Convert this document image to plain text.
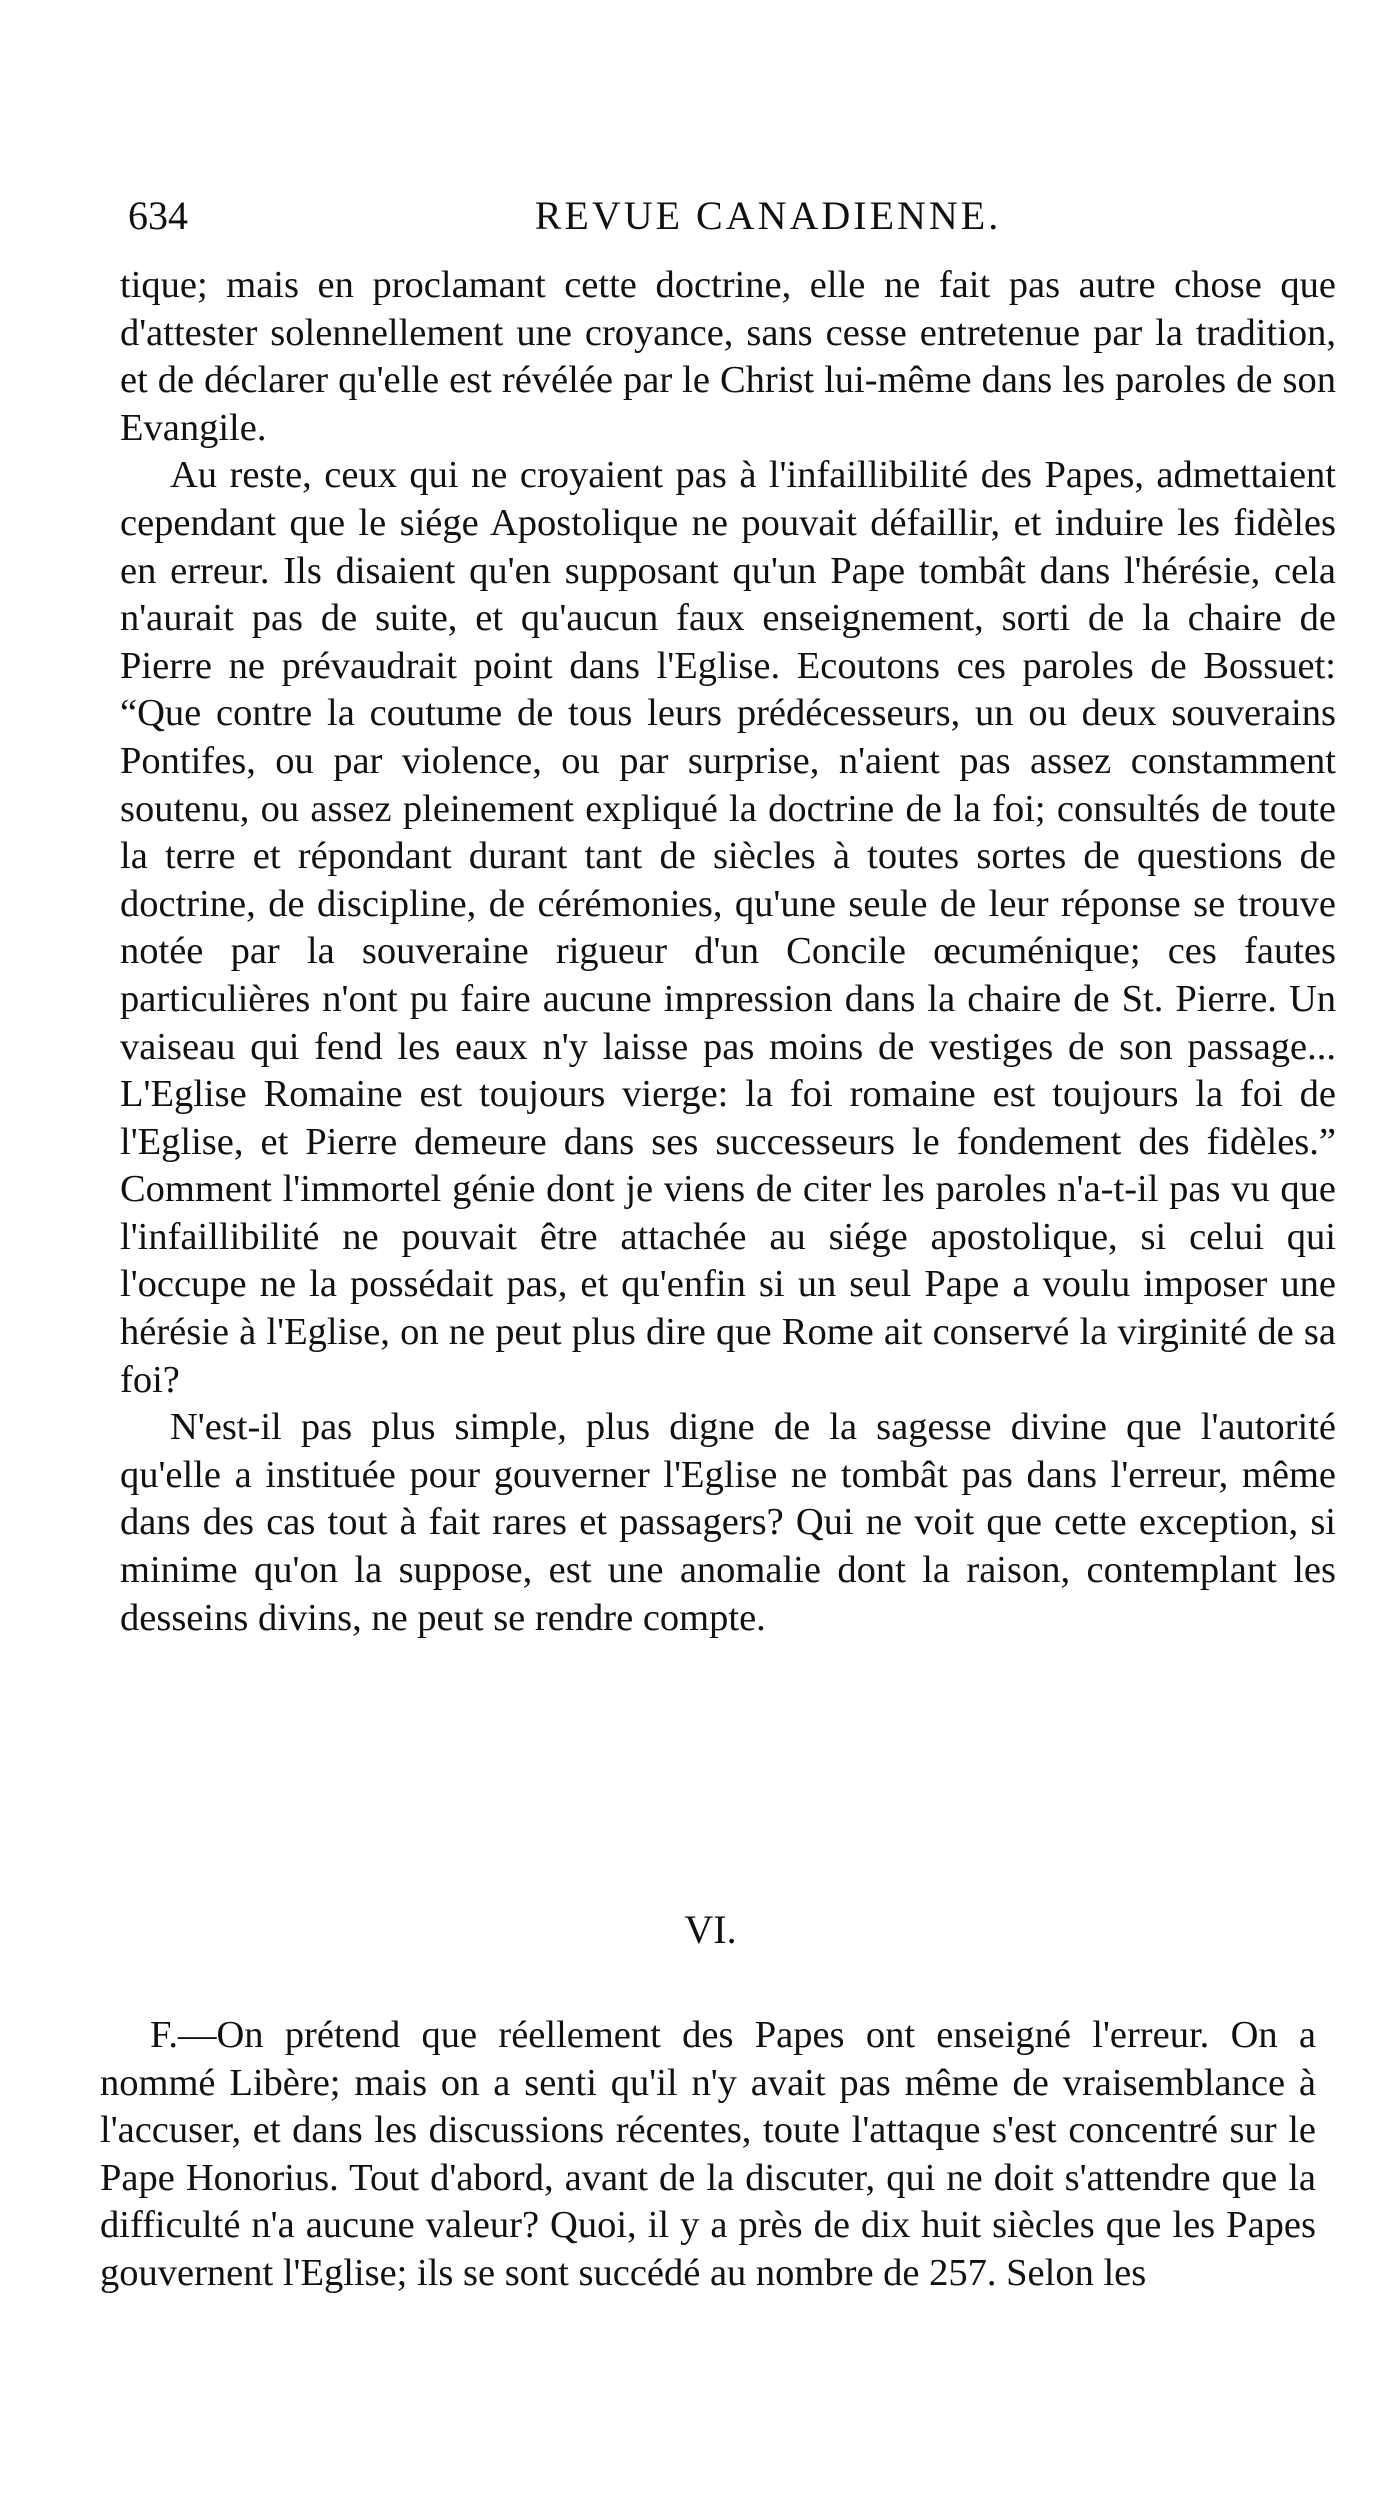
634	REVUE CANADIENNE.

tique; mais en proclamant cette doctrine, elle ne fait pas autre chose que d'attester solennellement une croyance, sans cesse entretenue par la tradition, et de déclarer qu'elle est révélée par le Christ lui-même dans les paroles de son Evangile.

Au reste, ceux qui ne croyaient pas à l'infaillibilité des Papes, admettaient cependant que le siége Apostolique ne pouvait défaillir, et induire les fidèles en erreur. Ils disaient qu'en supposant qu'un Pape tombât dans l'hérésie, cela n'aurait pas de suite, et qu'aucun faux enseignement, sorti de la chaire de Pierre ne prévaudrait point dans l'Eglise. Ecoutons ces paroles de Bossuet: “Que contre la coutume de tous leurs prédécesseurs, un ou deux souverains Pontifes, ou par violence, ou par surprise, n'aient pas assez constamment soutenu, ou assez pleinement expliqué la doctrine de la foi; consultés de toute la terre et répondant durant tant de siècles à toutes sortes de questions de doctrine, de discipline, de cérémonies, qu'une seule de leur réponse se trouve notée par la souveraine rigueur d'un Concile œcuménique; ces fautes particulières n'ont pu faire aucune impression dans la chaire de St. Pierre. Un vaiseau qui fend les eaux n'y laisse pas moins de vestiges de son passage... L'Eglise Romaine est toujours vierge: la foi romaine est toujours la foi de l'Eglise, et Pierre demeure dans ses successeurs le fondement des fidèles.” Comment l'immortel génie dont je viens de citer les paroles n'a-t-il pas vu que l'infaillibilité ne pouvait être attachée au siége apostolique, si celui qui l'occupe ne la possédait pas, et qu'enfin si un seul Pape a voulu imposer une hérésie à l'Eglise, on ne peut plus dire que Rome ait conservé la virginité de sa foi?

N'est-il pas plus simple, plus digne de la sagesse divine que l'autorité qu'elle a instituée pour gouverner l'Eglise ne tombât pas dans l'erreur, même dans des cas tout à fait rares et passagers? Qui ne voit que cette exception, si minime qu'on la suppose, est une anomalie dont la raison, contemplant les desseins divins, ne peut se rendre compte.

VI.

F.—On prétend que réellement des Papes ont enseigné l'erreur. On a nommé Libère; mais on a senti qu'il n'y avait pas même de vraisemblance à l'accuser, et dans les discussions récentes, toute l'attaque s'est concentré sur le Pape Honorius. Tout d'abord, avant de la discuter, qui ne doit s'attendre que la difficulté n'a aucune valeur? Quoi, il y a près de dix huit siècles que les Papes gouvernent l'Eglise; ils se sont succédé au nombre de 257. Selon les
